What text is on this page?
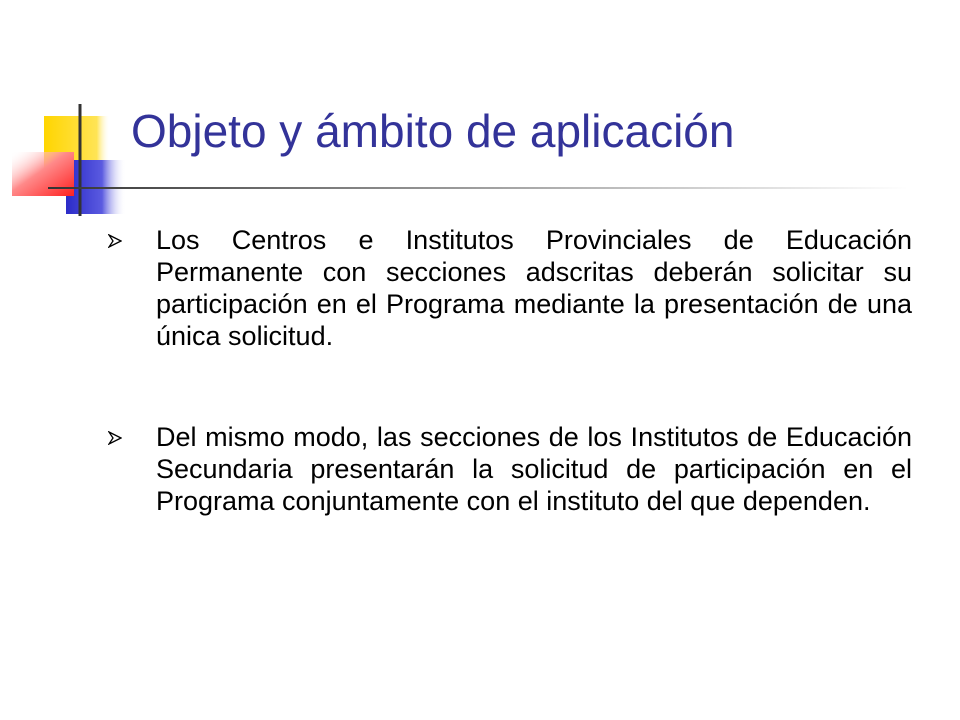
Objeto y ámbito de aplicación
Los Centros e Institutos Provinciales de Educación Permanente con secciones adscritas deberán solicitar su participación en el Programa mediante la presentación de una única solicitud.
Del mismo modo, las secciones de los Institutos de Educación Secundaria presentarán la solicitud de participación en el Programa conjuntamente con el instituto del que dependen.
